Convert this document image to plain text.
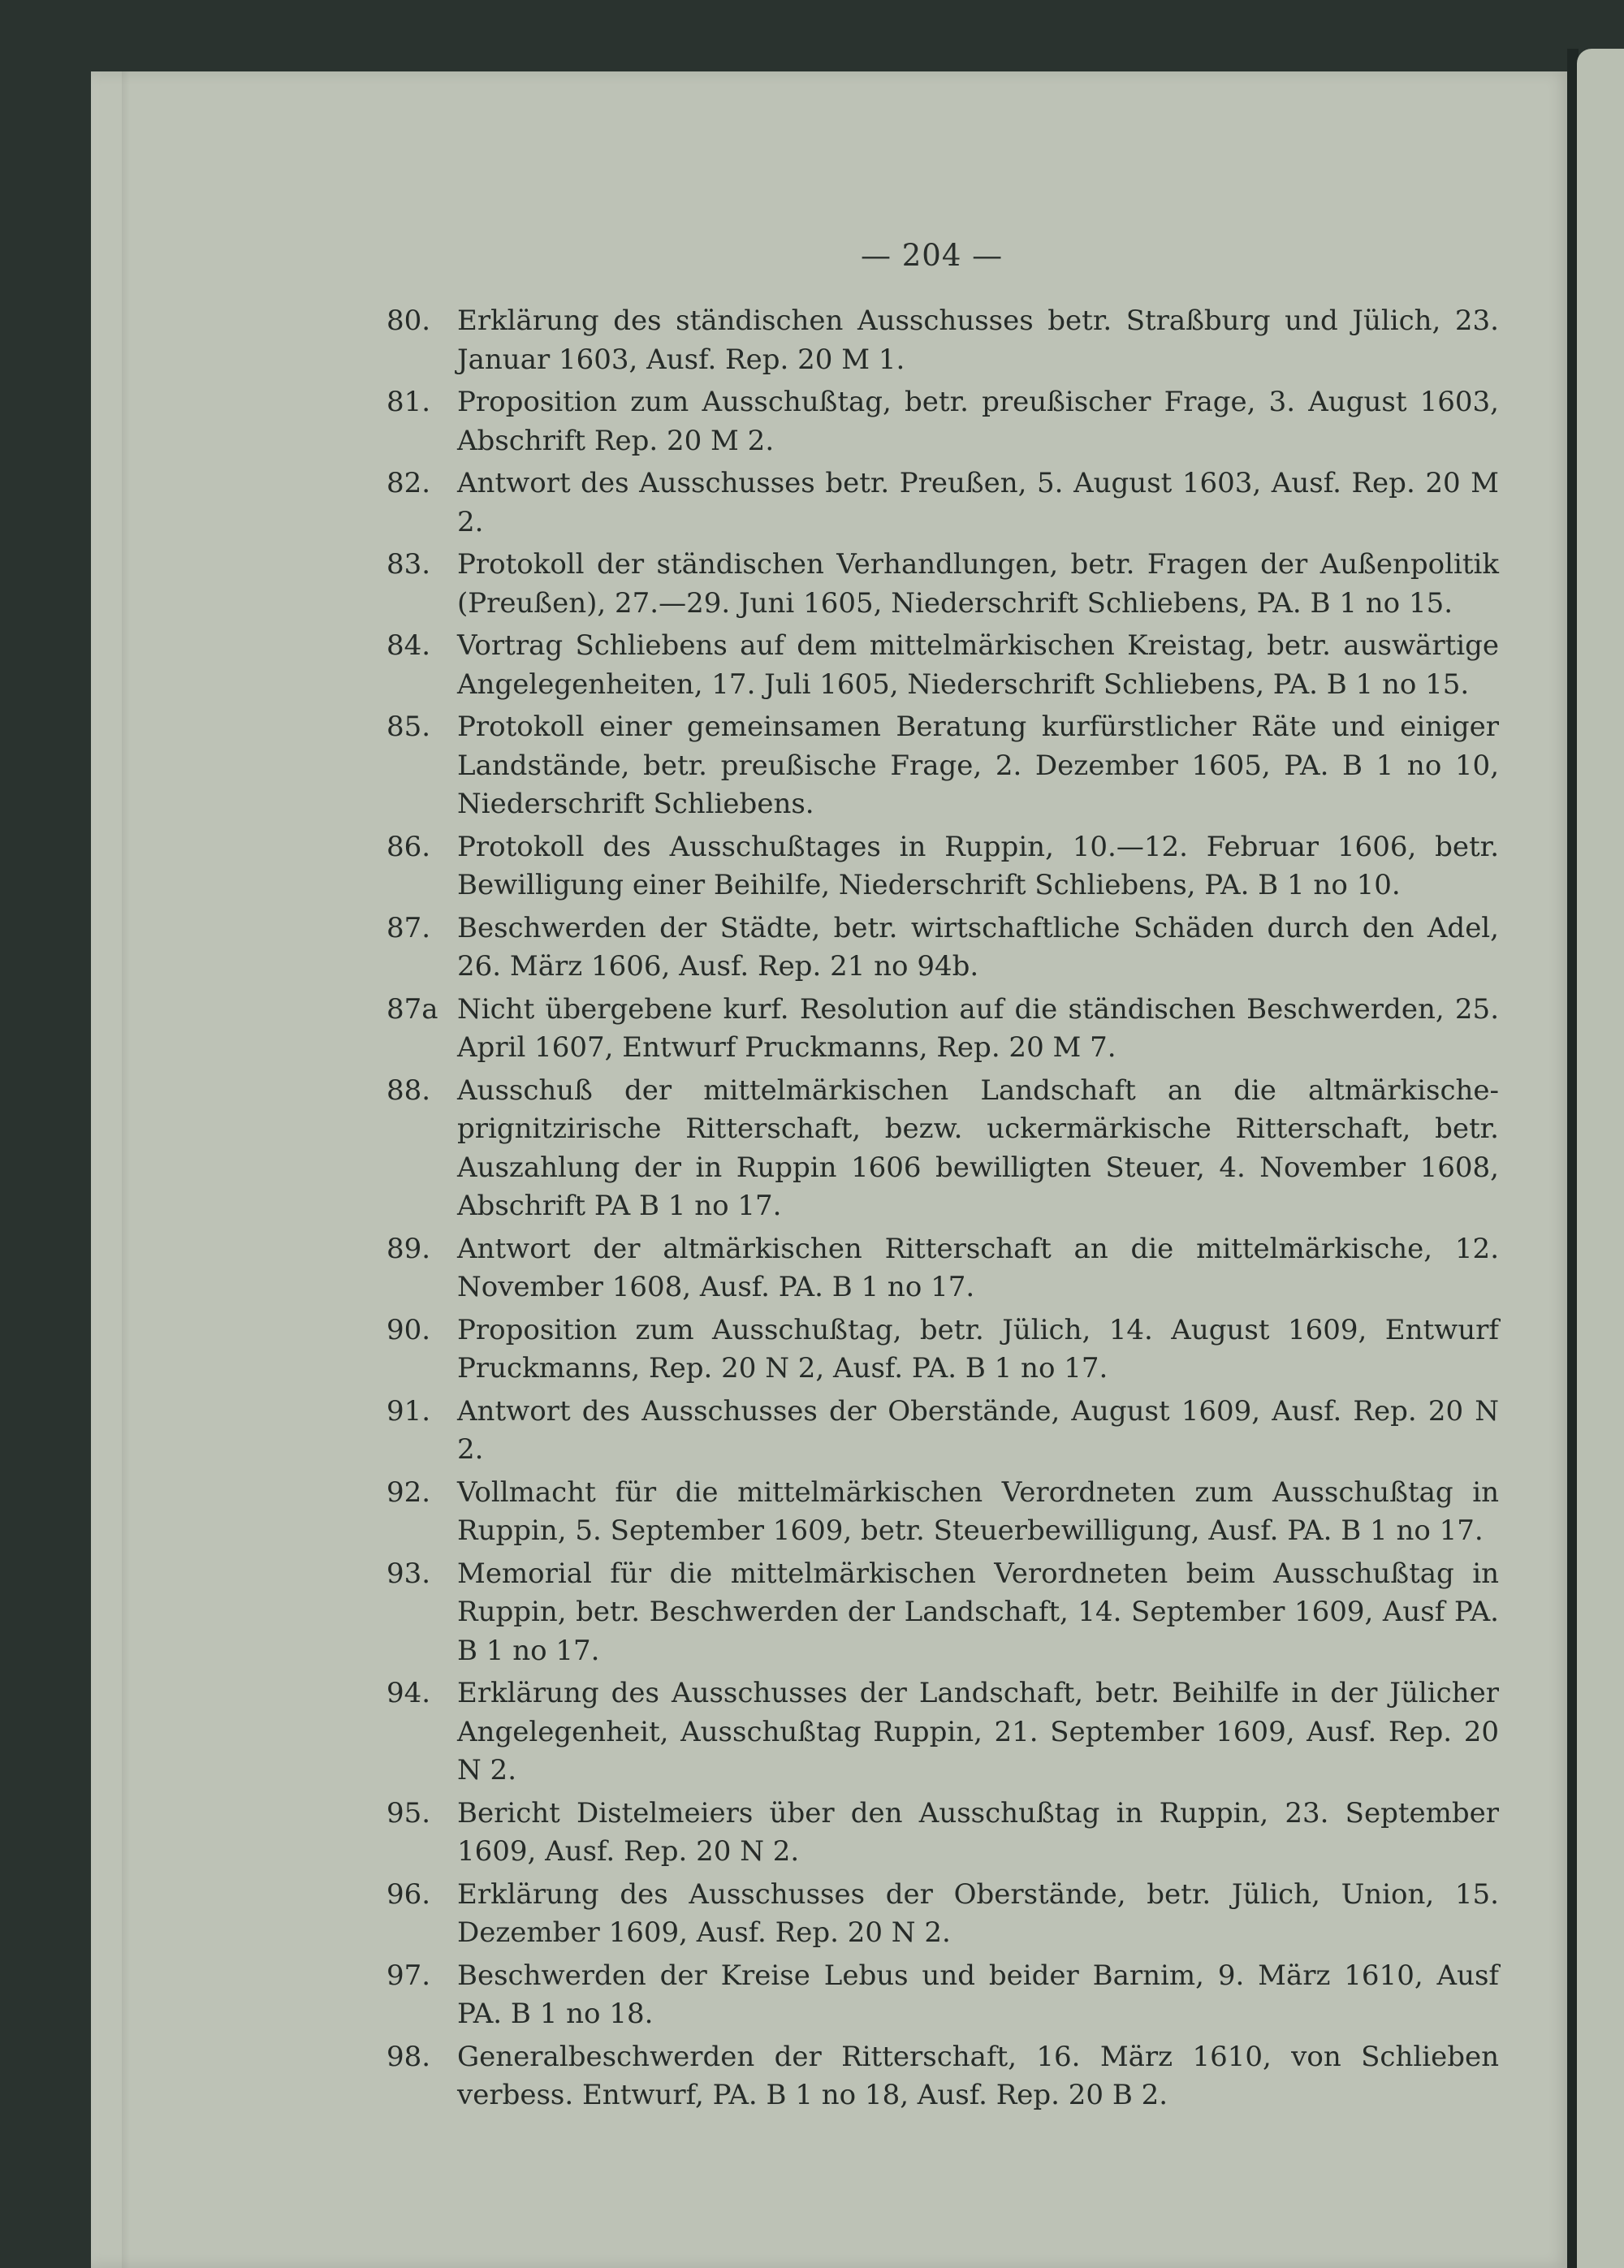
— 204 —
80. Erklärung des ständischen Ausschusses betr. Straßburg und Jülich, 23. Januar 1603, Ausf. Rep. 20 M 1.
81. Proposition zum Ausschußtag, betr. preußischer Frage, 3. August 1603, Abschrift Rep. 20 M 2.
82. Antwort des Ausschusses betr. Preußen, 5. August 1603, Ausf. Rep. 20 M 2.
83. Protokoll der ständischen Verhandlungen, betr. Fragen der Außenpolitik (Preußen), 27.—29. Juni 1605, Niederschrift Schliebens, PA. B 1 no 15.
84. Vortrag Schliebens auf dem mittelmärkischen Kreistag, betr. auswärtige Angelegenheiten, 17. Juli 1605, Niederschrift Schliebens, PA. B 1 no 15.
85. Protokoll einer gemeinsamen Beratung kurfürstlicher Räte und einiger Landstände, betr. preußische Frage, 2. Dezember 1605, PA. B 1 no 10, Niederschrift Schliebens.
86. Protokoll des Ausschußtages in Ruppin, 10.—12. Februar 1606, betr. Bewilligung einer Beihilfe, Niederschrift Schliebens, PA. B 1 no 10.
87. Beschwerden der Städte, betr. wirtschaftliche Schäden durch den Adel, 26. März 1606, Ausf. Rep. 21 no 94b.
87a Nicht übergebene kurf. Resolution auf die ständischen Beschwerden, 25. April 1607, Entwurf Pruckmanns, Rep. 20 M 7.
88. Ausschuß der mittelmärkischen Landschaft an die altmärkische-prignitzirische Ritterschaft, bezw. uckermärkische Ritterschaft, betr. Auszahlung der in Ruppin 1606 bewilligten Steuer, 4. November 1608, Abschrift PA B 1 no 17.
89. Antwort der altmärkischen Ritterschaft an die mittelmärkische, 12. November 1608, Ausf. PA. B 1 no 17.
90. Proposition zum Ausschußtag, betr. Jülich, 14. August 1609, Entwurf Pruckmanns, Rep. 20 N 2, Ausf. PA. B 1 no 17.
91. Antwort des Ausschusses der Oberstände, August 1609, Ausf. Rep. 20 N 2.
92. Vollmacht für die mittelmärkischen Verordneten zum Ausschußtag in Ruppin, 5. September 1609, betr. Steuerbewilligung, Ausf. PA. B 1 no 17.
93. Memorial für die mittelmärkischen Verordneten beim Ausschußtag in Ruppin, betr. Beschwerden der Landschaft, 14. September 1609, Ausf PA. B 1 no 17.
94. Erklärung des Ausschusses der Landschaft, betr. Beihilfe in der Jülicher Angelegenheit, Ausschußtag Ruppin, 21. September 1609, Ausf. Rep. 20 N 2.
95. Bericht Distelmeiers über den Ausschußtag in Ruppin, 23. September 1609, Ausf. Rep. 20 N 2.
96. Erklärung des Ausschusses der Oberstände, betr. Jülich, Union, 15. Dezember 1609, Ausf. Rep. 20 N 2.
97. Beschwerden der Kreise Lebus und beider Barnim, 9. März 1610, Ausf PA. B 1 no 18.
98. Generalbeschwerden der Ritterschaft, 16. März 1610, von Schlieben verbess. Entwurf, PA. B 1 no 18, Ausf. Rep. 20 B 2.
